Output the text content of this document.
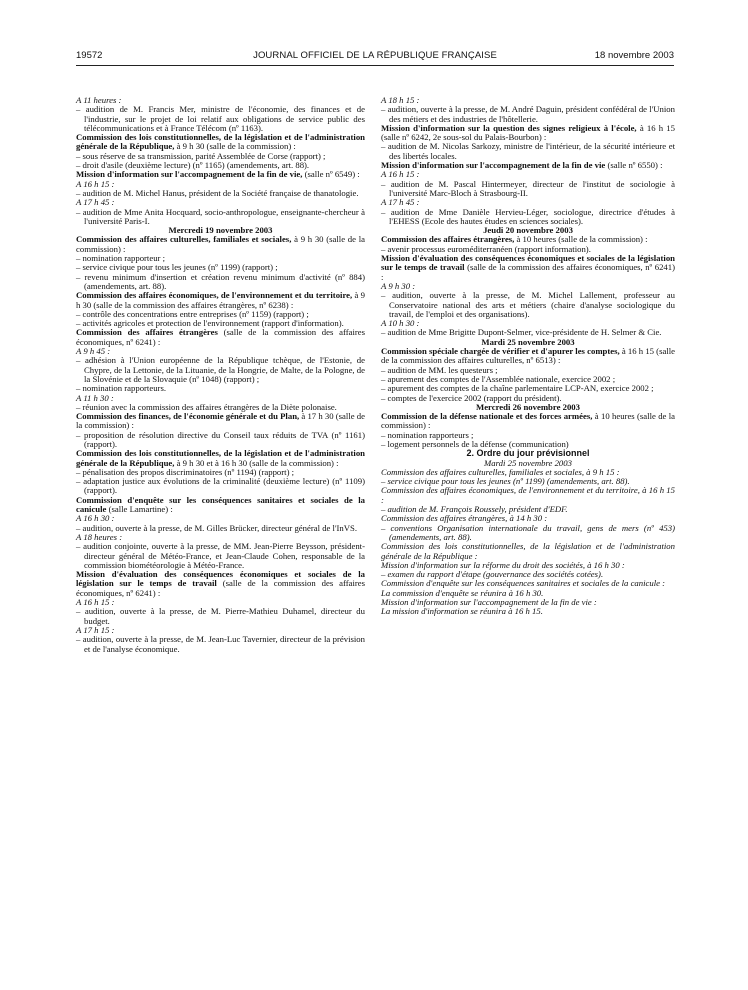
19572	JOURNAL OFFICIEL DE LA RÉPUBLIQUE FRANÇAISE	18 novembre 2003

A 11 heures :

– audition de M. Francis Mer, ministre de l'économie, des finances et de l'industrie, sur le projet de loi relatif aux obligations de service public des télécommunications et à France Télécom (nº 1163).

Commission des lois constitutionnelles, de la législation et de l'administration générale de la République, à 9 h 30 (salle de la commission) :

– sous réserve de sa transmission, parité Assemblée de Corse (rapport) ;

– droit d'asile (deuxième lecture) (nº 1165) (amendements, art. 88).

Mission d'information sur l'accompagnement de la fin de vie, (salle nº 6549) :

A 16 h 15 :

– audition de M. Michel Hanus, président de la Société française de thanatologie.

A 17 h 45 :

– audition de Mme Anita Hocquard, socio-anthropologue, enseignante-chercheur à l'université Paris-I.

Mercredi 19 novembre 2003

Commission des affaires culturelles, familiales et sociales, à 9 h 30 (salle de la commission) :

– nomination rapporteur ;

– service civique pour tous les jeunes (nº 1199) (rapport) ;

– revenu minimum d'insertion et création revenu minimum d'activité (nº 884) (amendements, art. 88).

Commission des affaires économiques, de l'environnement et du territoire, à 9 h 30 (salle de la commission des affaires étrangères, nº 6238) :

– contrôle des concentrations entre entreprises (nº 1159) (rapport) ;

– activités agricoles et protection de l'environnement (rapport d'information).

Commission des affaires étrangères (salle de la commission des affaires économiques, nº 6241) :

A 9 h 45 :

– adhésion à l'Union européenne de la République tchèque, de l'Estonie, de Chypre, de la Lettonie, de la Lituanie, de la Hongrie, de Malte, de la Pologne, de la Slovénie et de la Slovaquie (nº 1048) (rapport) ;

– nomination rapporteurs.

A 11 h 30 :

– réunion avec la commission des affaires étrangères de la Diète polonaise.

Commission des finances, de l'économie générale et du Plan, à 17 h 30 (salle de la commission) :

– proposition de résolution directive du Conseil taux réduits de TVA (nº 1161) (rapport).

Commission des lois constitutionnelles, de la législation et de l'administration générale de la République, à 9 h 30 et à 16 h 30 (salle de la commission) :

– pénalisation des propos discriminatoires (nº 1194) (rapport) ;

– adaptation justice aux évolutions de la criminalité (deuxième lecture) (nº 1109) (rapport).

Commission d'enquête sur les conséquences sanitaires et sociales de la canicule (salle Lamartine) :

A 16 h 30 :

– audition, ouverte à la presse, de M. Gilles Brücker, directeur général de l'InVS.

A 18 heures :

– audition conjointe, ouverte à la presse, de MM. Jean-Pierre Beysson, président-directeur général de Météo-France, et Jean-Claude Cohen, responsable de la commission biométéorologie à Météo-France.

Mission d'évaluation des conséquences économiques et sociales de la législation sur le temps de travail (salle de la commission des affaires économiques, nº 6241) :

A 16 h 15 :

– audition, ouverte à la presse, de M. Pierre-Mathieu Duhamel, directeur du budget.

A 17 h 15 :

– audition, ouverte à la presse, de M. Jean-Luc Tavernier, directeur de la prévision et de l'analyse économique.

A 18 h 15 :

– audition, ouverte à la presse, de M. André Daguin, président confédéral de l'Union des métiers et des industries de l'hôtellerie.

Mission d'information sur la question des signes religieux à l'école, à 16 h 15 (salle nº 6242, 2e sous-sol du Palais-Bourbon) :

– audition de M. Nicolas Sarkozy, ministre de l'intérieur, de la sécurité intérieure et des libertés locales.

Mission d'information sur l'accompagnement de la fin de vie (salle nº 6550) :

A 16 h 15 :

– audition de M. Pascal Hintermeyer, directeur de l'institut de sociologie à l'université Marc-Bloch à Strasbourg-II.

A 17 h 45 :

– audition de Mme Danièle Hervieu-Léger, sociologue, directrice d'études à l'EHESS (Ecole des hautes études en sciences sociales).

Jeudi 20 novembre 2003

Commission des affaires étrangères, à 10 heures (salle de la commission) :

– avenir processus euroméditerranéen (rapport information).

Mission d'évaluation des conséquences économiques et sociales de la législation sur le temps de travail (salle de la commission des affaires économiques, nº 6241) :

A 9 h 30 :

– audition, ouverte à la presse, de M. Michel Lallement, professeur au Conservatoire national des arts et métiers (chaire d'analyse sociologique du travail, de l'emploi et des organisations).

A 10 h 30 :

– audition de Mme Brigitte Dupont-Selmer, vice-présidente de H. Selmer & Cie.

Mardi 25 novembre 2003

Commission spéciale chargée de vérifier et d'apurer les comptes, à 16 h 15 (salle de la commission des affaires culturelles, nº 6513) :

– audition de MM. les questeurs ;

– apurement des comptes de l'Assemblée nationale, exercice 2002 ;

– apurement des comptes de la chaîne parlementaire LCP-AN, exercice 2002 ;

– comptes de l'exercice 2002 (rapport du président).

Mercredi 26 novembre 2003

Commission de la défense nationale et des forces armées, à 10 heures (salle de la commission) :

– nomination rapporteurs ;

– logement personnels de la défense (communication)

2. Ordre du jour prévisionnel

Mardi 25 novembre 2003

Commission des affaires culturelles, familiales et sociales, à 9 h 15 :

– service civique pour tous les jeunes (nº 1199) (amendements, art. 88).

Commission des affaires économiques, de l'environnement et du territoire, à 16 h 15 :

– audition de M. François Roussely, président d'EDF.

Commission des affaires étrangères, à 14 h 30 :

– conventions Organisation internationale du travail, gens de mers (nº 453) (amendements, art. 88).

Commission des lois constitutionnelles, de la législation et de l'administration générale de la République :

Mission d'information sur la réforme du droit des sociétés, à 16 h 30 :

– examen du rapport d'étape (gouvernance des sociétés cotées).

Commission d'enquête sur les conséquences sanitaires et sociales de la canicule :

La commission d'enquête se réunira à 16 h 30.

Mission d'information sur l'accompagnement de la fin de vie :

La mission d'information se réunira à 16 h 15.
